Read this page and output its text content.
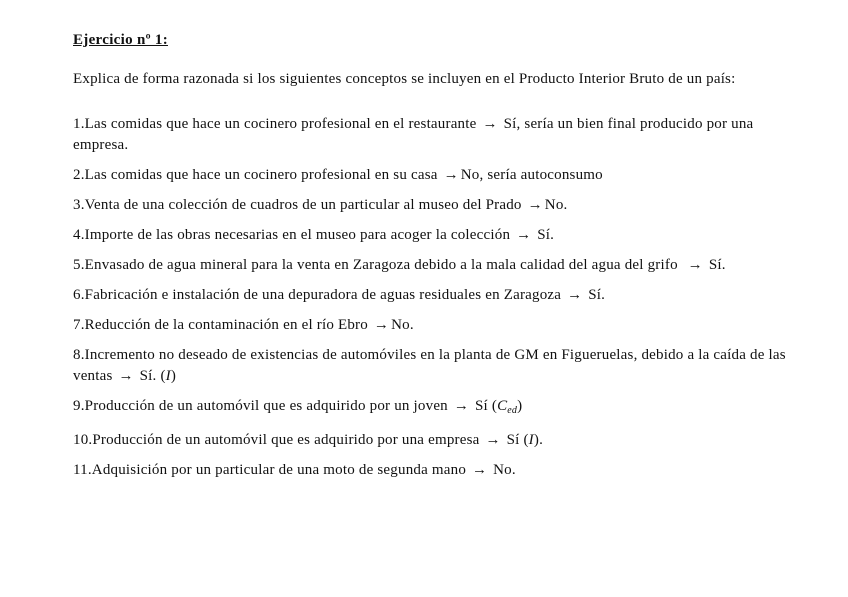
Ejercicio nº 1:

Explica de forma razonada si los siguientes conceptos se incluyen en el Producto Interior Bruto de un país:

1.Las comidas que hace un cocinero profesional en el restaurante → Sí, sería un bien final producido por una empresa.
2.Las comidas que hace un cocinero profesional en su casa → No, sería autoconsumo
3.Venta de una colección de cuadros de un particular al museo del Prado → No.
4.Importe de las obras necesarias en el museo para acoger la colección → Sí.
5.Envasado de agua mineral para la venta en Zaragoza debido a la mala calidad del agua del grifo → Sí.
6.Fabricación e instalación de una depuradora de aguas residuales en Zaragoza → Sí.
7.Reducción de la contaminación en el río Ebro → No.
8.Incremento no deseado de existencias de automóviles en la planta de GM en Figueruelas, debido a la caída de las ventas → Sí. (I)
9.Producción de un automóvil que es adquirido por un joven → Sí $(C_{ed})$
10.Producción de un automóvil que es adquirido por una empresa → Sí (I).
11.Adquisición por un particular de una moto de segunda mano → No.
